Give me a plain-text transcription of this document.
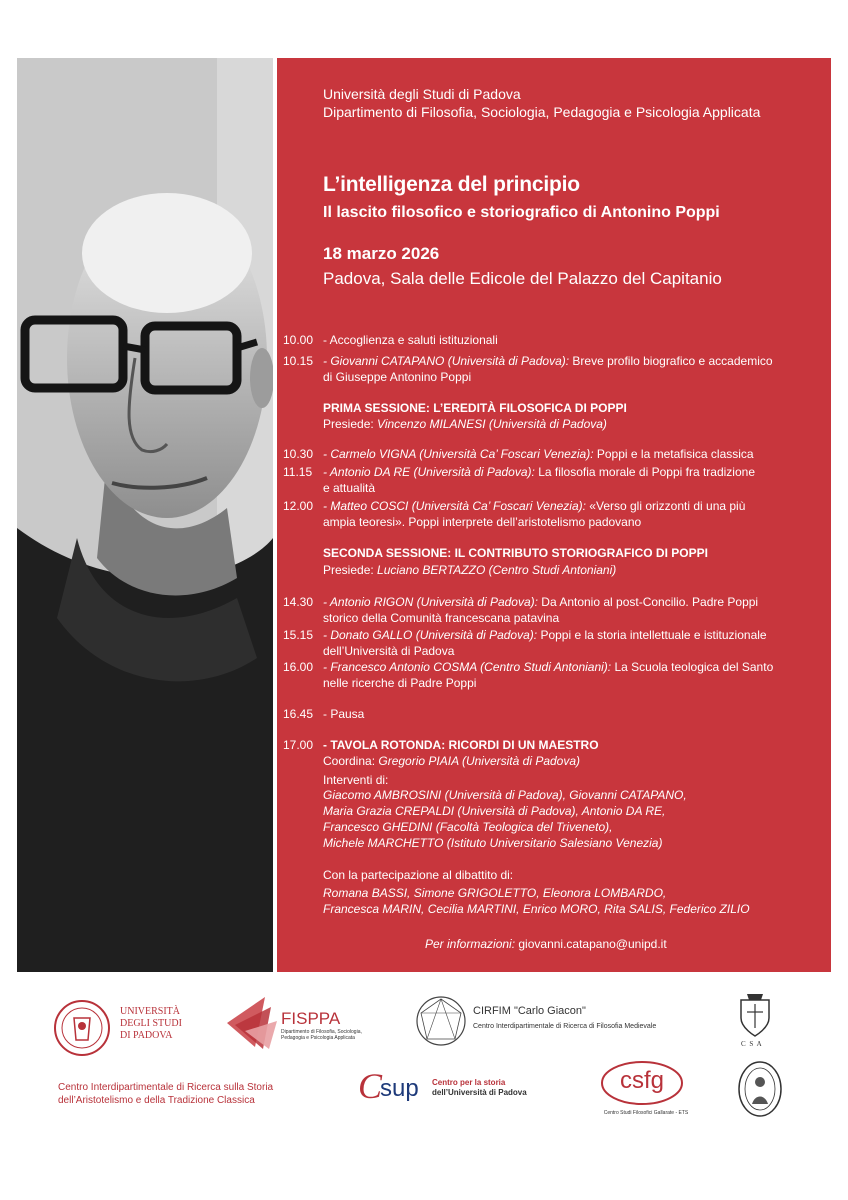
Università degli Studi di Padova
Dipartimento di Filosofia, Sociologia, Pedagogia e Psicologia Applicata
L’intelligenza del principio
Il lascito filosofico e storiografico di Antonino Poppi
18 marzo 2026
Padova, Sala delle Edicole del Palazzo del Capitanio
10.00 - Accoglienza e saluti istituzionali
10.15 - Giovanni CATAPANO (Università di Padova): Breve profilo biografico e accademico
di Giuseppe Antonino Poppi
PRIMA SESSIONE: L’EREDITÀ FILOSOFICA DI POPPI
Presiede: Vincenzo MILANESI (Università di Padova)
10.30 - Carmelo VIGNA (Università Ca’ Foscari Venezia): Poppi e la metafisica classica
11.15 - Antonio DA RE (Università di Padova): La filosofia morale di Poppi fra tradizione
e attualità
12.00 - Matteo COSCI (Università Ca’ Foscari Venezia): «Verso gli orizzonti di una più
ampia teoresi». Poppi interprete dell’aristotelismo padovano
SECONDA SESSIONE: IL CONTRIBUTO STORIOGRAFICO DI POPPI
Presiede: Luciano BERTAZZO (Centro Studi Antoniani)
14.30 - Antonio RIGON (Università di Padova): Da Antonio al post-Concilio. Padre Poppi
storico della Comunità francescana patavina
15.15 - Donato GALLO (Università di Padova): Poppi e la storia intellettuale e istituzionale
dell’Università di Padova
16.00 - Francesco Antonio COSMA (Centro Studi Antoniani): La Scuola teologica del Santo
nelle ricerche di Padre Poppi
16.45 - Pausa
17.00 - TAVOLA ROTONDA: RICORDI DI UN MAESTRO
Coordina: Gregorio PIAIA (Università di Padova)
Interventi di:
Giacomo AMBROSINI (Università di Padova), Giovanni CATAPANO,
Maria Grazia CREPALDI (Università di Padova), Antonio DA RE,
Francesco GHEDINI (Facoltà Teologica del Triveneto),
Michele MARCHETTO (Istituto Universitario Salesiano Venezia)
Con la partecipazione al dibattito di:
Romana BASSI, Simone GRIGOLETTO, Eleonora LOMBARDO,
Francesca MARIN, Cecilia MARTINI, Enrico MORO, Rita SALIS, Federico ZILIO
Per informazioni: giovanni.catapano@unipd.it
UNIVERSITÀ
DEGLI STUDI
DI PADOVA
FISPPA
Dipartimento di Filosofia, Sociologia,
Pedagogia e Psicologia Applicata
CIRFIM "Carlo Giacon"
Centro Interdipartimentale di Ricerca di Filosofia Medievale
C S A
Centro Interdipartimentale di Ricerca sulla Storia
dell’Aristotelismo e della Tradizione Classica	C
sup Centro per la storia
dell’Università di Padova	csfg
Centro Studi Filosofici Gallarate - ETS
